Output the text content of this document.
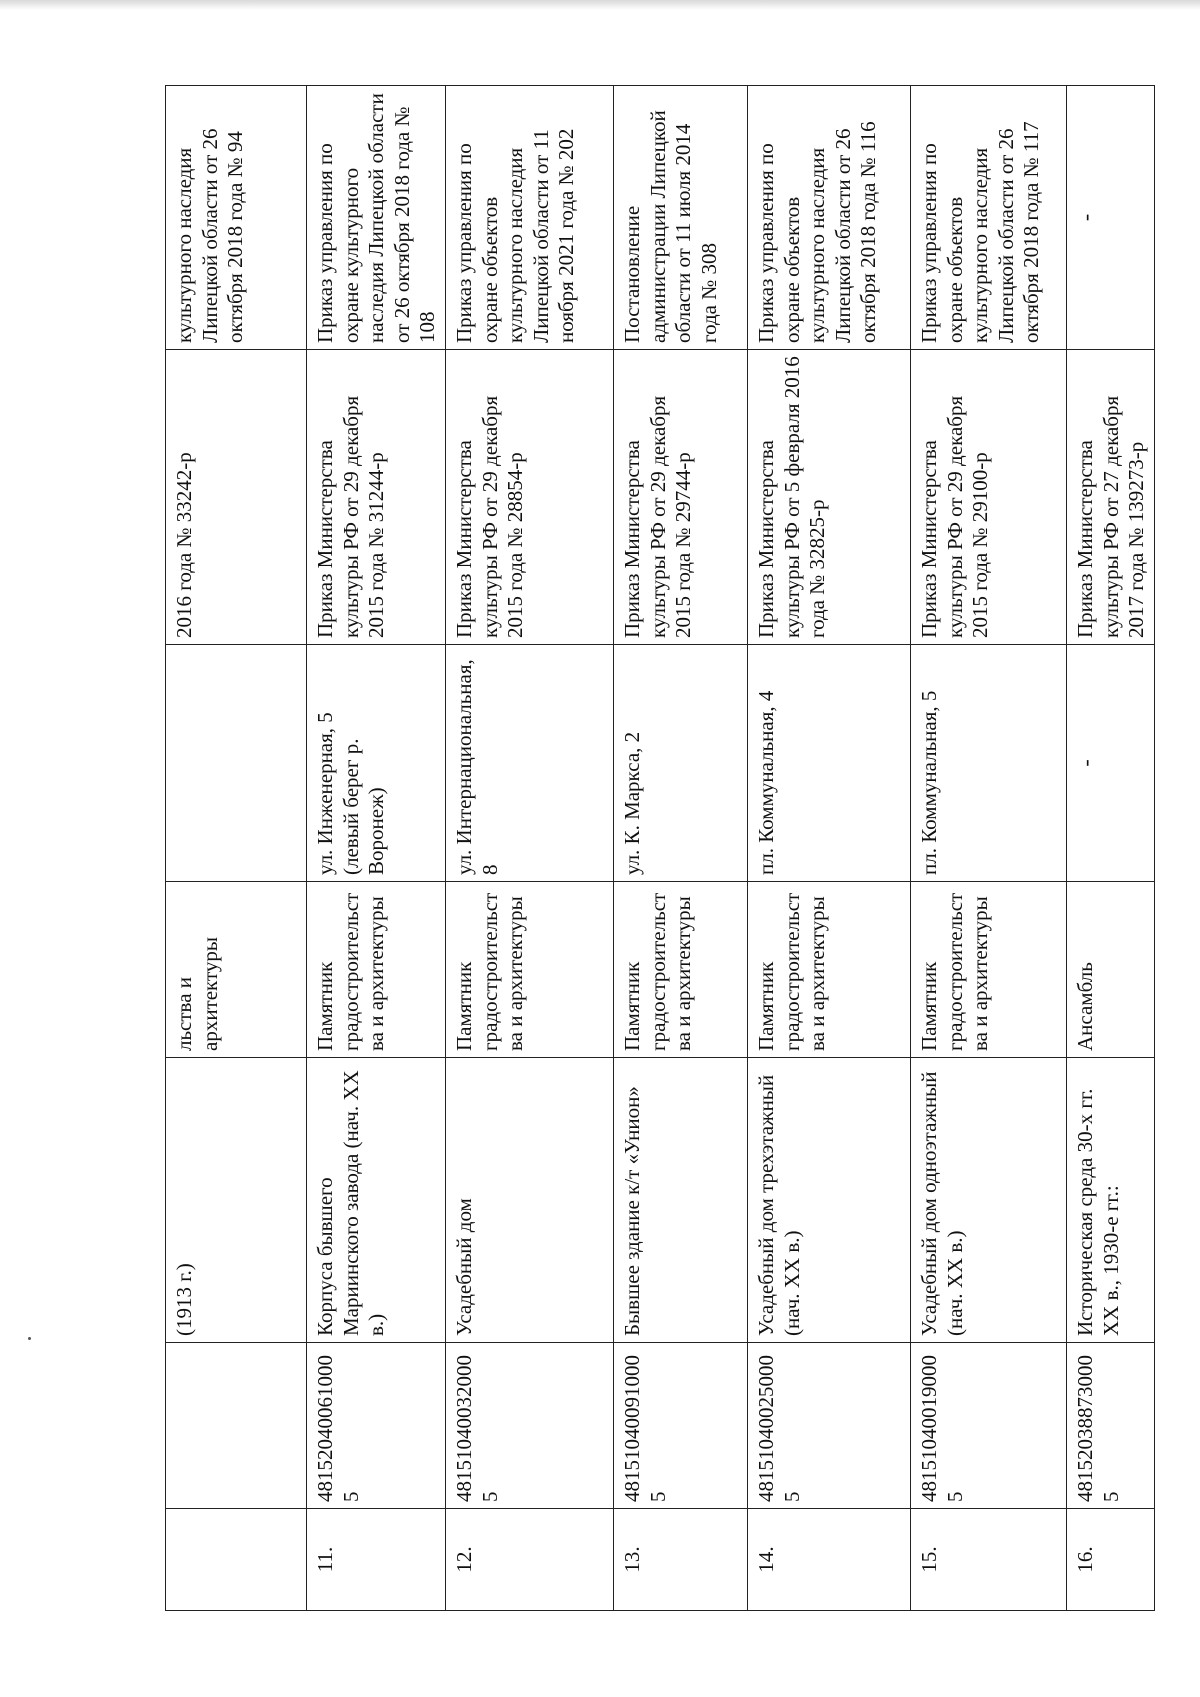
		(1913 г.)	льства и архитектуры		2016 года № 33242-р	культурного наследия Липецкой области от 26 октября 2018 года № 94
11.	481520400610005	Корпуса бывшего Мариинского завода (нач. XX в.)	Памятник градостроительства и архитектуры	ул. Инженерная, 5 (левый берег р. Воронеж)	Приказ Министерства культуры РФ от 29 декабря 2015 года № 31244-р	Приказ управления по охране культурного наследия Липецкой области от 26 октября 2018 года № 108
12.	481510400320005	Усадебный дом	Памятник градостроительства и архитектуры	ул. Интернациональная, 8	Приказ Министерства культуры РФ от 29 декабря 2015 года № 28854-р	Приказ управления по охране объектов культурного наследия Липецкой области от 11 ноября 2021 года № 202
13.	481510400910005	Бывшее здание к/т «Унион»	Памятник градостроительства и архитектуры	ул. К. Маркса, 2	Приказ Министерства культуры РФ от 29 декабря 2015 года № 29744-р	Постановление администрации Липецкой области от 11 июля 2014 года № 308
14.	481510400250005	Усадебный дом трехэтажный (нач. XX в.)	Памятник градостроительства и архитектуры	пл. Коммунальная, 4	Приказ Министерства культуры РФ от 5 февраля 2016 года № 32825-р	Приказ управления по охране объектов культурного наследия Липецкой области от 26 октября 2018 года № 116
15.	481510400190005	Усадебный дом одноэтажный (нач. XX в.)	Памятник градостроительства и архитектуры	пл. Коммунальная, 5	Приказ Министерства культуры РФ от 29 декабря 2015 года № 29100-р	Приказ управления по охране объектов культурного наследия Липецкой области от 26 октября 2018 года № 117
16.	481520388730005	Историческая среда 30-х гг. XX в., 1930-е гг.:	Ансамбль	-	Приказ Министерства культуры РФ от 27 декабря 2017 года № 139273-р	-
